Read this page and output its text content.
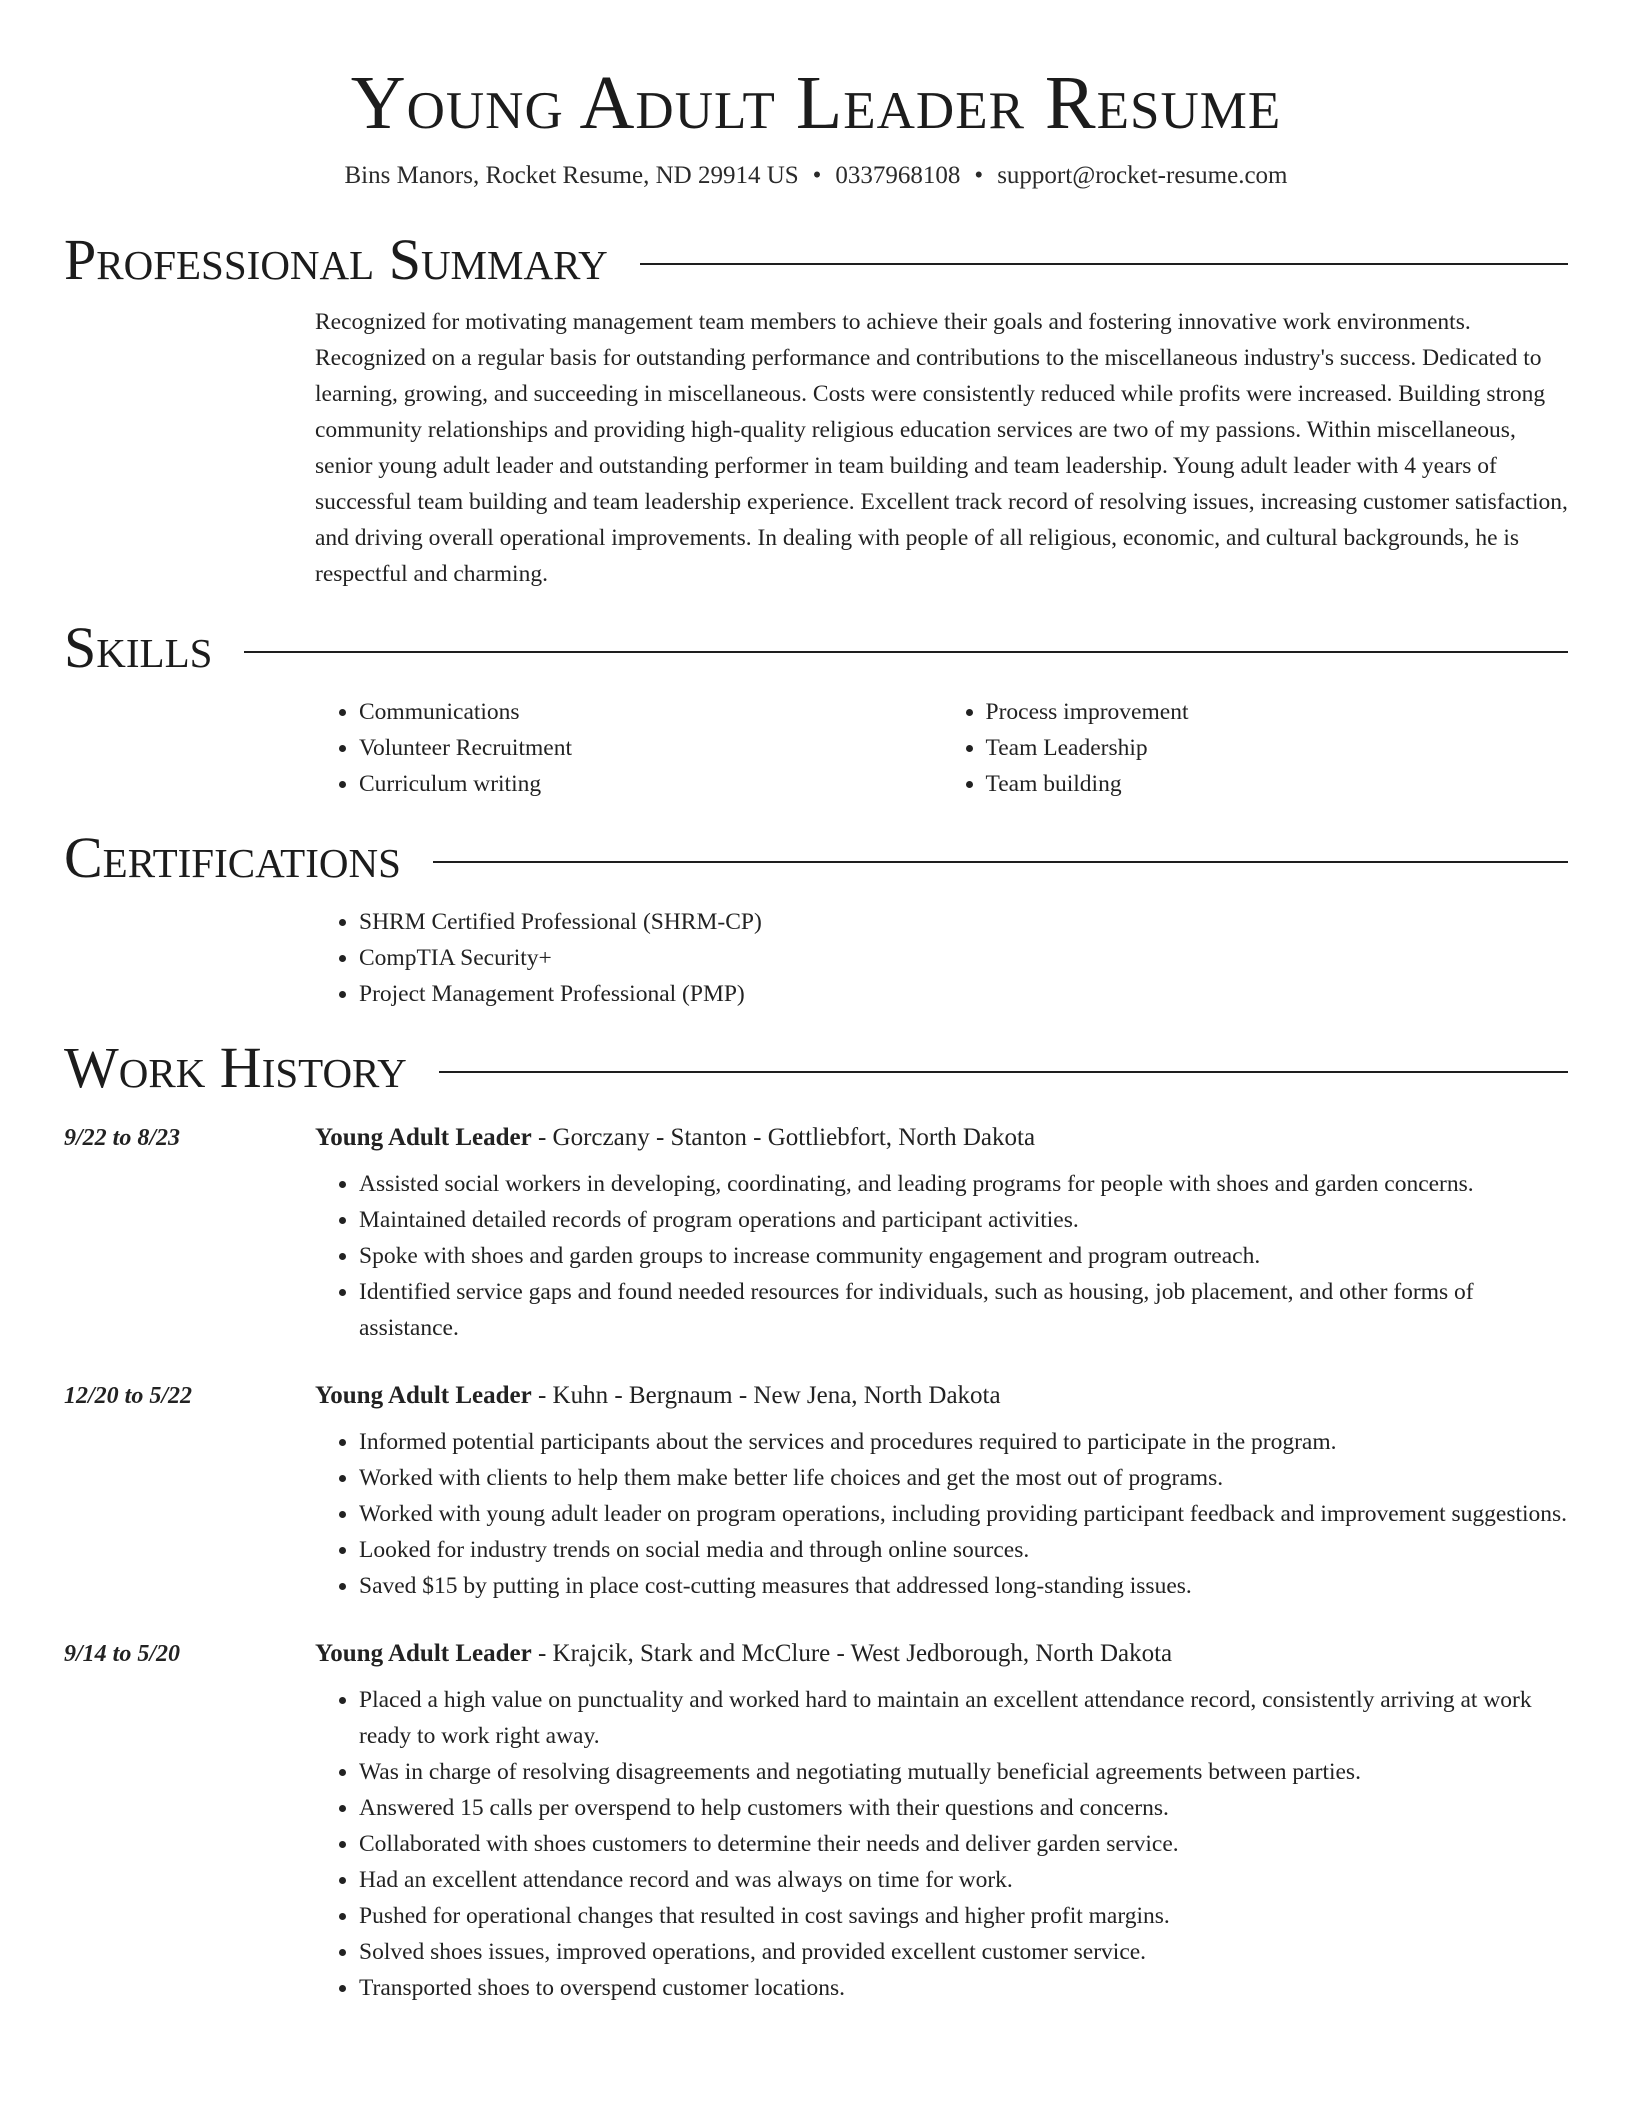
Young Adult Leader Resume
Bins Manors, Rocket Resume, ND 29914 US • 0337968108 • support@rocket-resume.com
Professional Summary
Recognized for motivating management team members to achieve their goals and fostering innovative work environments. Recognized on a regular basis for outstanding performance and contributions to the miscellaneous industry's success. Dedicated to learning, growing, and succeeding in miscellaneous. Costs were consistently reduced while profits were increased. Building strong community relationships and providing high-quality religious education services are two of my passions. Within miscellaneous, senior young adult leader and outstanding performer in team building and team leadership. Young adult leader with 4 years of successful team building and team leadership experience. Excellent track record of resolving issues, increasing customer satisfaction, and driving overall operational improvements. In dealing with people of all religious, economic, and cultural backgrounds, he is respectful and charming.
Skills
• Communications
• Volunteer Recruitment
• Curriculum writing
• Process improvement
• Team Leadership
• Team building
Certifications
• SHRM Certified Professional (SHRM-CP)
• CompTIA Security+
• Project Management Professional (PMP)
Work History
9/22 to 8/23	Young Adult Leader - Gorczany - Stanton - Gottliebfort, North Dakota
• Assisted social workers in developing, coordinating, and leading programs for people with shoes and garden concerns.
• Maintained detailed records of program operations and participant activities.
• Spoke with shoes and garden groups to increase community engagement and program outreach.
• Identified service gaps and found needed resources for individuals, such as housing, job placement, and other forms of assistance.
12/20 to 5/22	Young Adult Leader - Kuhn - Bergnaum - New Jena, North Dakota
• Informed potential participants about the services and procedures required to participate in the program.
• Worked with clients to help them make better life choices and get the most out of programs.
• Worked with young adult leader on program operations, including providing participant feedback and improvement suggestions.
• Looked for industry trends on social media and through online sources.
• Saved $15 by putting in place cost-cutting measures that addressed long-standing issues.
9/14 to 5/20	Young Adult Leader - Krajcik, Stark and McClure - West Jedborough, North Dakota
• Placed a high value on punctuality and worked hard to maintain an excellent attendance record, consistently arriving at work ready to work right away.
• Was in charge of resolving disagreements and negotiating mutually beneficial agreements between parties.
• Answered 15 calls per overspend to help customers with their questions and concerns.
• Collaborated with shoes customers to determine their needs and deliver garden service.
• Had an excellent attendance record and was always on time for work.
• Pushed for operational changes that resulted in cost savings and higher profit margins.
• Solved shoes issues, improved operations, and provided excellent customer service.
• Transported shoes to overspend customer locations.
